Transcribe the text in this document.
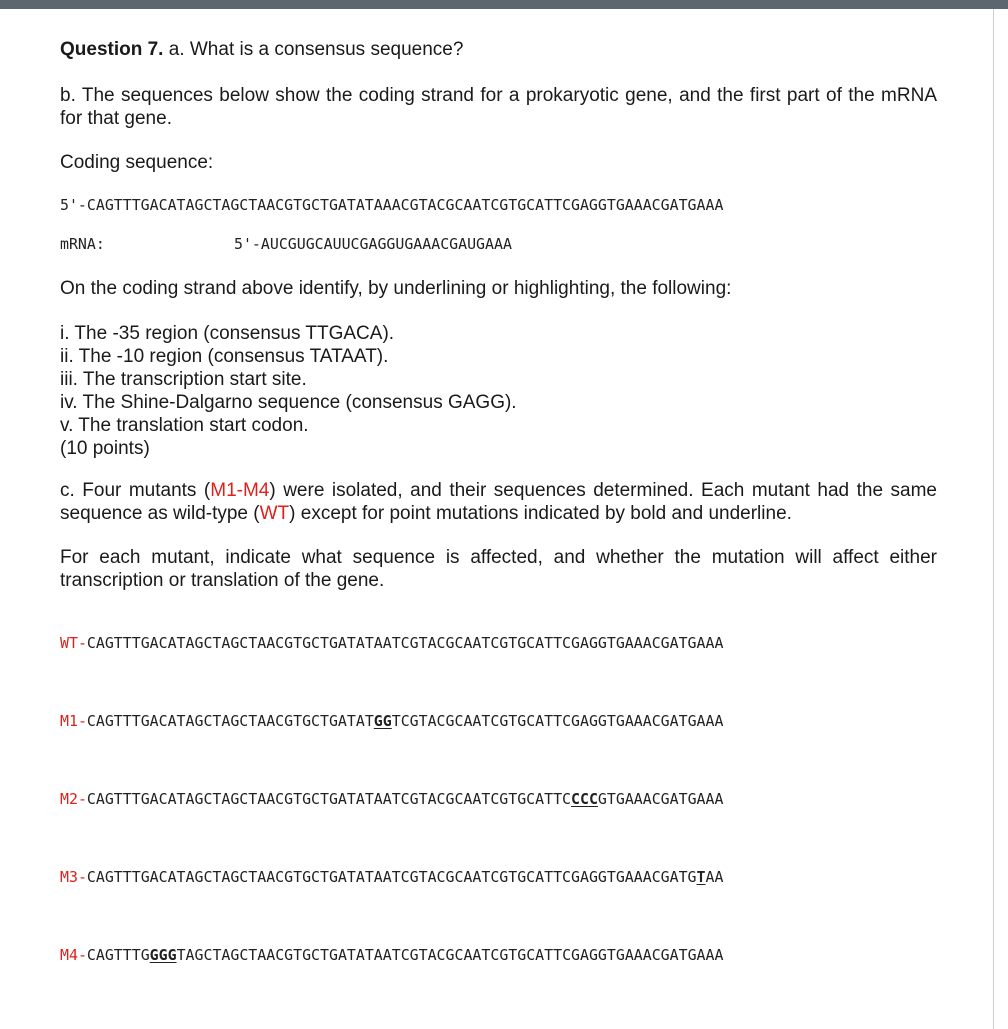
Question 7. a. What is a consensus sequence?

b. The sequences below show the coding strand for a prokaryotic gene, and the first part of the mRNA for that gene.

Coding sequence:

5'-CAGTTTGACATAGCTAGCTAACGTGCTGATATAAACGTACGCAATCGTGCATTCGAGGTGAAACGATGAAA
mRNA:	5'-AUCGUGCAUUCGAGGUGAAACGAUGAAA

On the coding strand above identify, by underlining or highlighting, the following:

i. The -35 region (consensus TTGACA).
ii. The -10 region (consensus TATAAT).
iii. The transcription start site.
iv. The Shine-Dalgarno sequence (consensus GAGG).
v. The translation start codon.
(10 points)

c. Four mutants (M1-M4) were isolated, and their sequences determined. Each mutant had the same sequence as wild-type (WT) except for point mutations indicated by bold and underline.

For each mutant, indicate what sequence is affected, and whether the mutation will affect either transcription or translation of the gene.

WT-CAGTTTGACATAGCTAGCTAACGTGCTGATATAATCGTACGCAATCGTGCATTCGAGGTGAAACGATGAAA
M1-CAGTTTGACATAGCTAGCTAACGTGCTGATATGGTCGTACGCAATCGTGCATTCGAGGTGAAACGATGAAA
M2-CAGTTTGACATAGCTAGCTAACGTGCTGATATAATCGTACGCAATCGTGCATTCCCCGTGAAACGATGAAA
M3-CAGTTTGACATAGCTAGCTAACGTGCTGATATAATCGTACGCAATCGTGCATTCGAGGTGAAACGATGTAA
M4-CAGTTTGGGGTAGCTAGCTAACGTGCTGATATAATCGTACGCAATCGTGCATTCGAGGTGAAACGATGAAA
